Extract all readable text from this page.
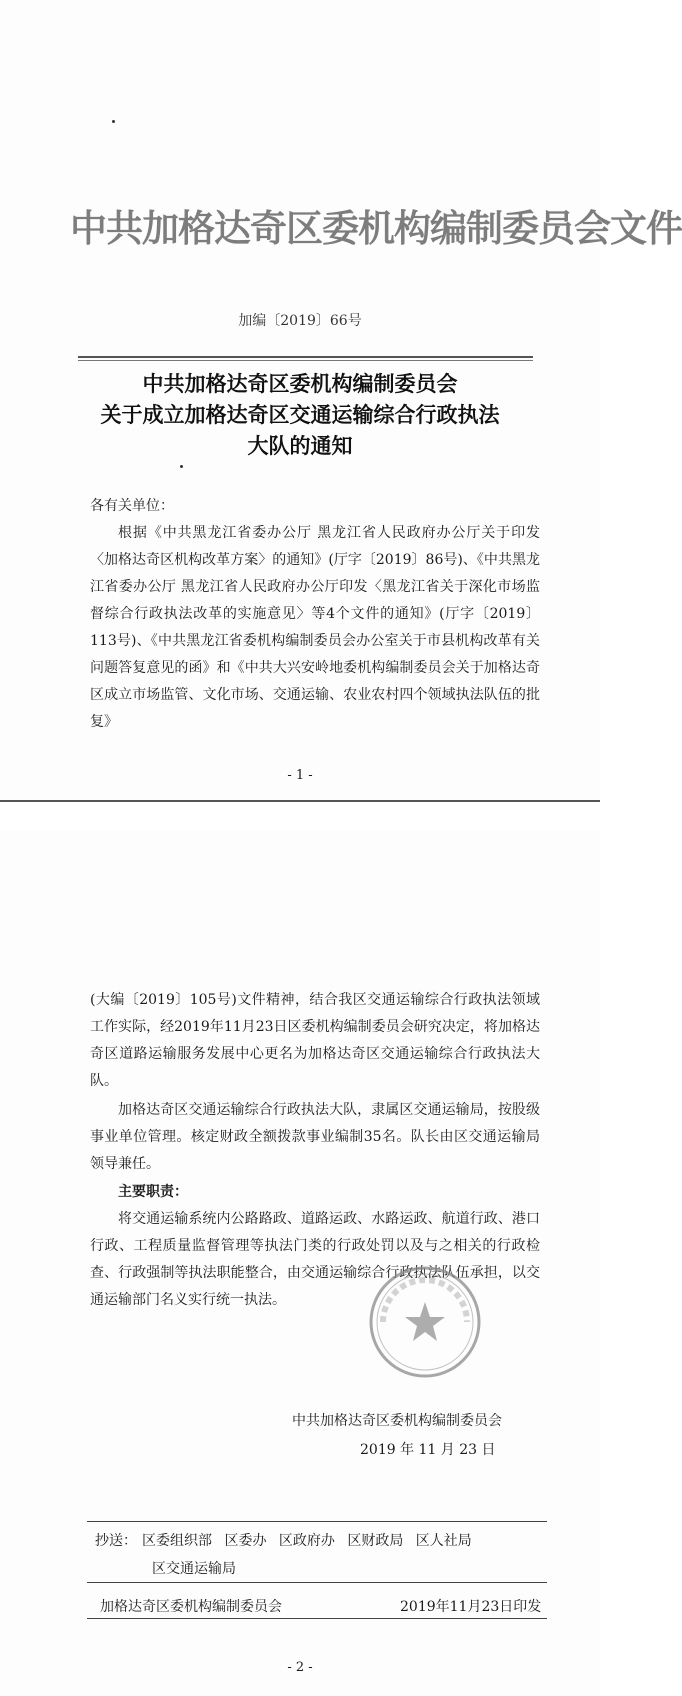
中共加格达奇区委机构编制委员会文件
加编〔2019〕66号
中共加格达奇区委机构编制委员会
关于成立加格达奇区交通运输综合行政执法
大队的通知
各有关单位：
根据《中共黑龙江省委办公厅 黑龙江省人民政府办公厅关于印发〈加格达奇区机构改革方案〉的通知》(厅字〔2019〕86号)、《中共黑龙江省委办公厅 黑龙江省人民政府办公厅印发〈黑龙江省关于深化市场监督综合行政执法改革的实施意见〉等4个文件的通知》(厅字〔2019〕113号)、《中共黑龙江省委机构编制委员会办公室关于市县机构改革有关问题答复意见的函》和《中共大兴安岭地委机构编制委员会关于加格达奇区成立市场监管、文化市场、交通运输、农业农村四个领域执法队伍的批复》
- 1 -
(大编〔2019〕105号)文件精神，结合我区交通运输综合行政执法领域工作实际，经2019年11月23日区委机构编制委员会研究决定，将加格达奇区道路运输服务发展中心更名为加格达奇区交通运输综合行政执法大队。
加格达奇区交通运输综合行政执法大队，隶属区交通运输局，按股级事业单位管理。核定财政全额拨款事业编制35名。队长由区交通运输局领导兼任。
主要职责：
将交通运输系统内公路路政、道路运政、水路运政、航道行政、港口行政、工程质量监督管理等执法门类的行政处罚以及与之相关的行政检查、行政强制等执法职能整合，由交通运输综合行政执法队伍承担，以交通运输部门名义实行统一执法。
中共加格达奇区委机构编制委员会
2019 年 11 月 23 日
抄送： 区委组织部 区委办 区政府办 区财政局 区人社局
区交通运输局
加格达奇区委机构编制委员会	2019年11月23日印发
- 2 -
